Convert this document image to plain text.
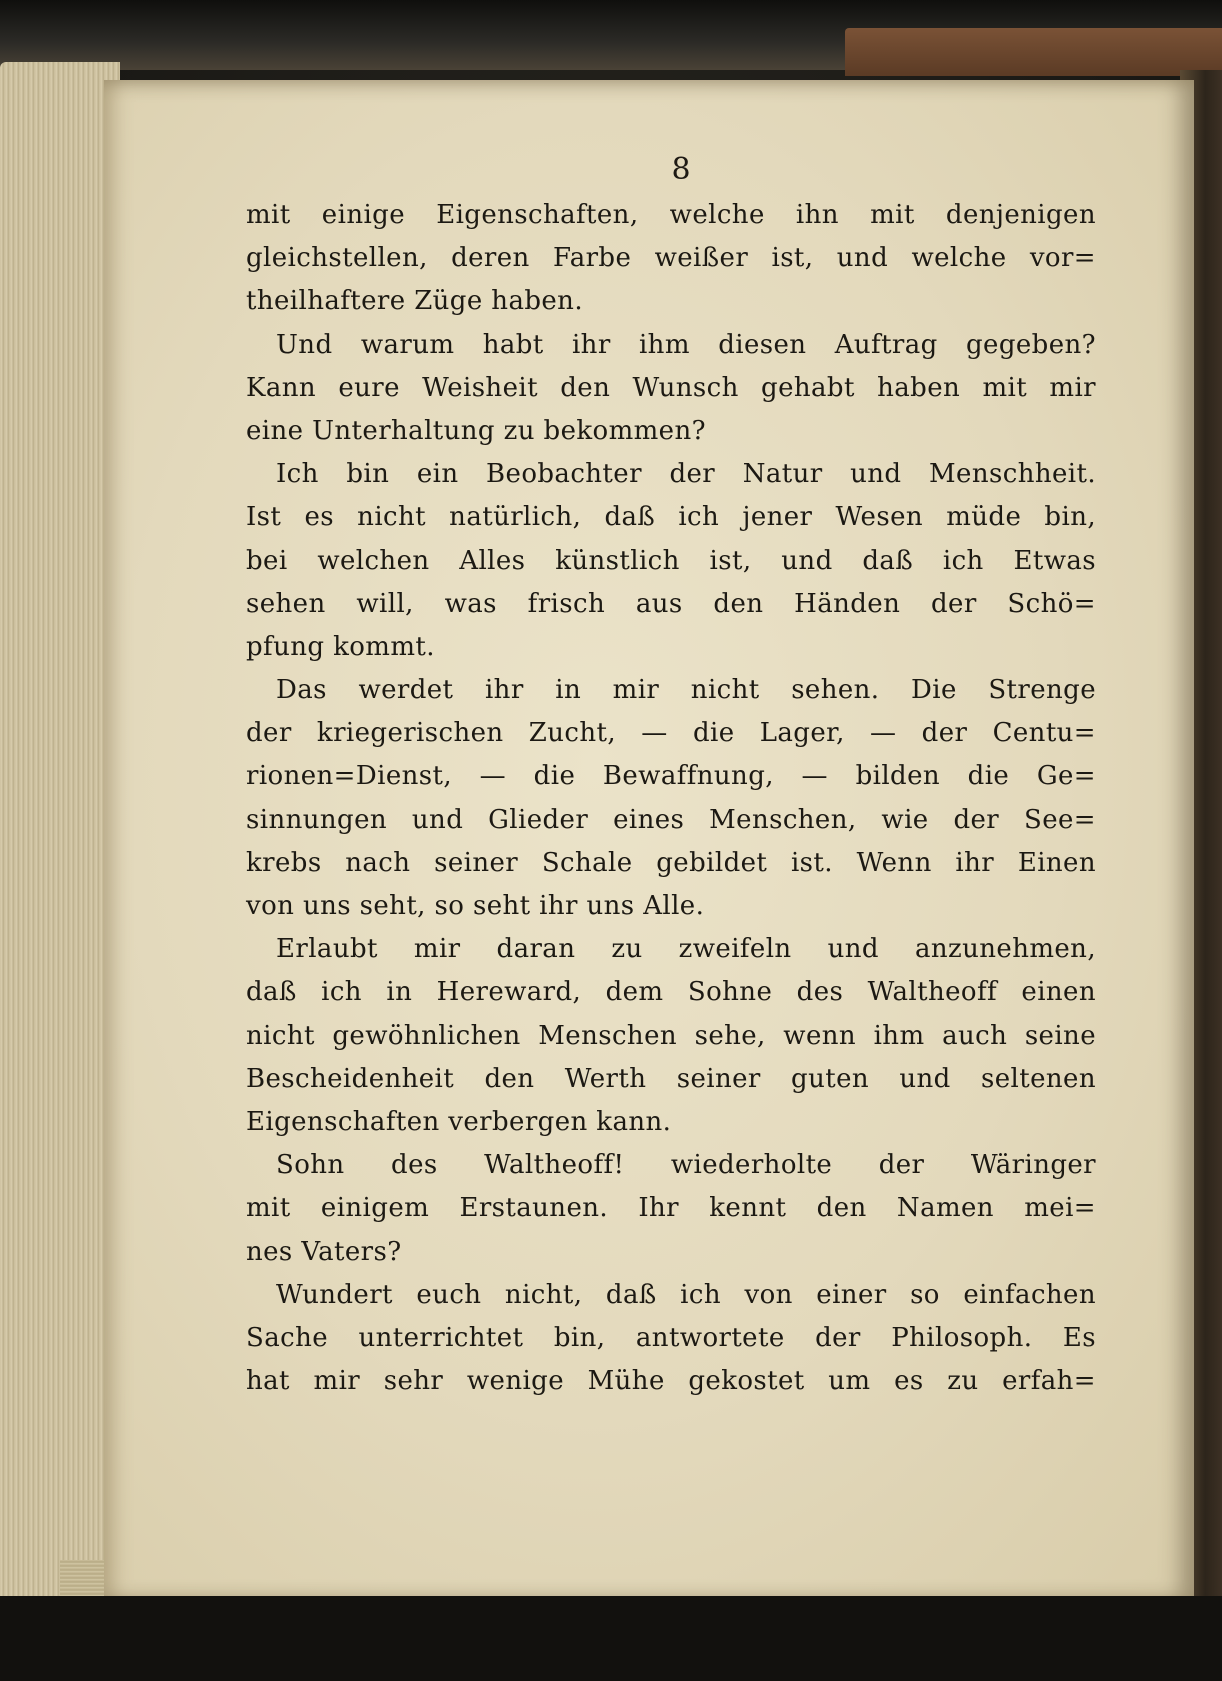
8
mit einige Eigenschaften, welche ihn mit denjenigen
gleichstellen, deren Farbe weißer ist, und welche vor=
theilhaftere Züge haben.
Und warum habt ihr ihm diesen Auftrag gegeben?
Kann eure Weisheit den Wunsch gehabt haben mit mir
eine Unterhaltung zu bekommen?
Ich bin ein Beobachter der Natur und Menschheit.
Ist es nicht natürlich, daß ich jener Wesen müde bin,
bei welchen Alles künstlich ist, und daß ich Etwas
sehen will, was frisch aus den Händen der Schö=
pfung kommt.
Das werdet ihr in mir nicht sehen. Die Strenge
der kriegerischen Zucht, — die Lager, — der Centu=
rionen=Dienst, — die Bewaffnung, — bilden die Ge=
sinnungen und Glieder eines Menschen, wie der See=
krebs nach seiner Schale gebildet ist. Wenn ihr Einen
von uns seht, so seht ihr uns Alle.
Erlaubt mir daran zu zweifeln und anzunehmen,
daß ich in Hereward, dem Sohne des Waltheoff einen
nicht gewöhnlichen Menschen sehe, wenn ihm auch seine
Bescheidenheit den Werth seiner guten und seltenen
Eigenschaften verbergen kann.
Sohn des Waltheoff! wiederholte der Wäringer
mit einigem Erstaunen. Ihr kennt den Namen mei=
nes Vaters?
Wundert euch nicht, daß ich von einer so einfachen
Sache unterrichtet bin, antwortete der Philosoph. Es
hat mir sehr wenige Mühe gekostet um es zu erfah=
